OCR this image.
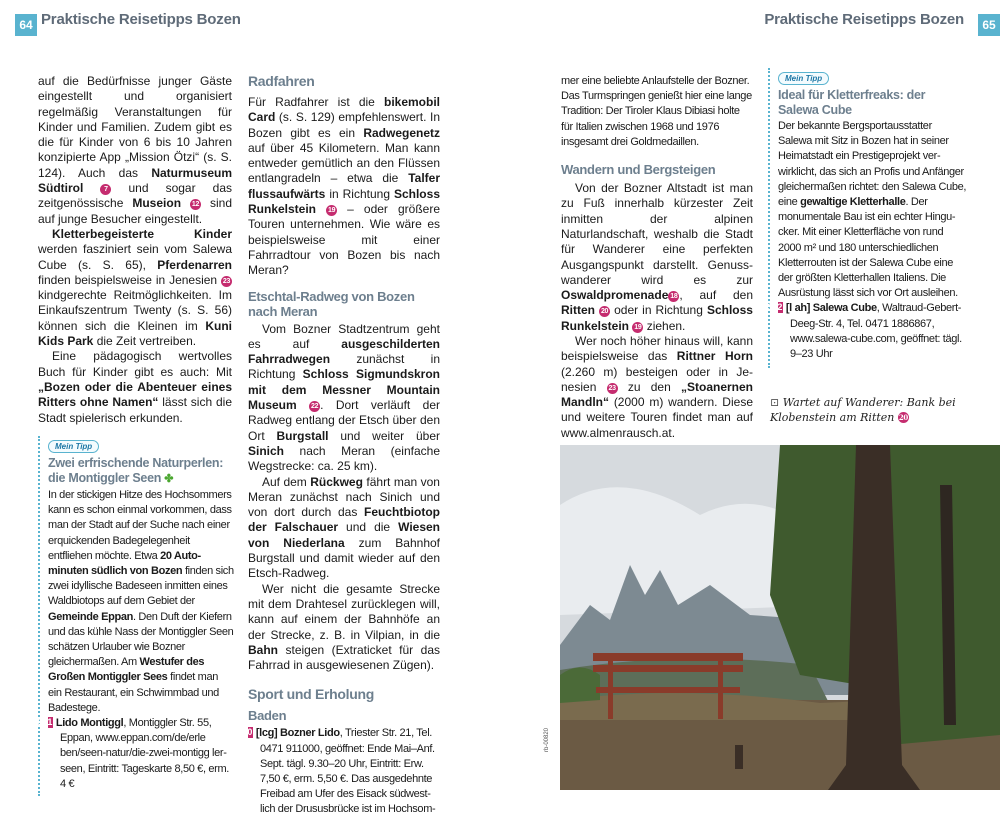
64 Praktische Reisetipps Bozen

auf die Bedürfnisse junger Gäste eingestellt und organisiert regelmäßig Veranstaltungen für Kinder und Familien. Zudem gibt es die für Kinder von 6 bis 10 Jahren konzipierte App „Mission Ötzi“ (s. S. 124). Auch das Naturmuseum Südtirol	7 und sogar das zeitgenössische Museion 12 sind auf junge Besucher eingestellt.

Kletterbegeisterte Kinder werden fasziniert sein vom Salewa Cube (s. S. 65), Pferdenarren finden beispielsweise in Jenesien 23 kindgerechte Reitmöglichkeiten. Im Einkaufszentrum Twenty (s. S. 56) können sich die Kleinen im Kuni Kids Park die Zeit vertreiben.

Eine pädagogisch wertvolles Buch für Kinder gibt es auch: Mit „Bozen oder die Abenteuer eines Ritters ohne Namen“ lässt sich die Stadt spielerisch erkunden.

Mein Tipp
Zwei erfrischende Naturperlen: die Montiggler Seen ✤
In der stickigen Hitze des Hochsommers kann es schon einmal vorkommen, dass man der Stadt auf der Suche nach einer erquickenden Badegelegenheit entfliehen möchte. Etwa 20 Autominuten südlich von Bozen finden sich zwei idyllische Badeseen inmitten eines Waldbiotops auf dem Gebiet der Gemeinde Eppan. Den Duft der Kiefern und das kühle Nass der Montiggler Seen schätzen Urlauber wie Bozner gleichermaßen. Am Westufer des Großen Montiggler Sees findet man ein Restaurant, ein Schwimmbad und Badestege.
S51 Lido Montiggl, Montiggler Str. 55, Eppan, www.eppan.com/de/erle ben/seen-natur/die-zwei-montigg ler-seen, Eintritt: Tageskarte 8,50 €, erm. 4 €
Radfahren

Für Radfahrer ist die bikemobil Card (s. S. 129) empfehlenswert. In Bozen gibt es ein Radwegenetz auf über 45 Kilometern. Man kann entweder gemütlich an den Flüssen entlangradeln – etwa die Talfer flussaufwärts in Richtung Schloss Runkelstein 19 – oder größere Touren unternehmen. Wie wäre es beispielsweise mit einer Fahrradtour von Bozen bis nach Meran?

Etschtal-Radweg von Bozen nach Meran

Vom Bozner Stadtzentrum geht es auf ausgeschilderten Fahrradwegen zunächst in Richtung Schloss Sigmundskron mit dem Messner Mountain Museum 22 . Dort verläuft der Radweg entlang der Etsch über den Ort Burgstall und weiter über Sinich nach Meran (einfache Wegstrecke: ca. 25 km).

Auf dem Rückweg fährt man von Meran zunächst nach Sinich und von dort durch das Feuchtbiotop der Falschauer und die Wiesen von Niederlana zum Bahnhof Burgstall und damit wieder auf den Etsch-Radweg.

Wer nicht die gesamte Strecke mit dem Drahtesel zurücklegen will, kann auf einem der Bahnhöfe an der Strecke, z. B. in Vilpian, in die Bahn steigen (Extraticket für das Fahrrad in ausgewiesenen Zügen).

Sport und Erholung
Baden
S50 [lcg] Bozner Lido, Triester Str. 21, Tel. 0471 911000, geöffnet: Ende Mai–Anf. Sept. tägl. 9.30–20 Uhr, Eintritt: Erw. 7,50 €, erm. 5,50 €. Das ausgedehnte Freibad am Ufer des Eisack südwestlich der Drususbrücke ist im Hochsom-
Praktische Reisetipps Bozen	65

mer eine beliebte Anlaufstelle der Bozner. Das Turmspringen genießt hier eine lange Tradition: Der Tiroler Klaus Dibiasi holte für Italien zwischen 1968 und 1976 insgesamt drei Goldmedaillen.

Wandern und Bergsteigen

Von der Bozner Altstadt ist man zu Fuß innerhalb kürzester Zeit inmitten der alpinen Naturlandschaft, weshalb die Stadt für Wanderer eine perfekten Ausgangspunkt darstellt. Genusswanderer wird es zur Oswaldpromenade 18 , auf den Ritten 20 oder in Richtung Schloss Runkelstein 19 ziehen.

Wer noch höher hinaus will, kann beispielsweise das Rittner Horn (2.260 m) besteigen oder in Jenesien 23 zu den „Stoanernen Mandln“ (2000 m) wandern. Diese und weitere Touren findet man auf www.almenrausch.at.

Mein Tipp
Ideal für Kletterfreaks: der Salewa Cube
Der bekannte Bergsportausstatter Salewa mit Sitz in Bozen hat in seiner Heimatstadt ein Prestigeprojekt verwirklicht, das sich an Profis und Anfänger gleichermaßen richtet: den Salewa Cube, eine gewaltige Kletterhalle. Der monumentale Bau ist ein echter Hingucker. Mit einer Kletterfläche von rund 2000 m² und 180 unterschiedlichen Kletterrouten ist der Salewa Cube eine der größten Kletterhallen Italiens. Die Ausrüstung lässt sich vor Ort ausleihen.
S52 [l ah] Salewa Cube, Waltraud-Gebert-Deeg-Str. 4, Tel. 0471 1886867, www.salewa-cube.com, geöffnet: tägl. 9–23 Uhr
⊡ Wartet auf Wanderer: Bank bei Klobenstein am Ritten 20
rb-00820
